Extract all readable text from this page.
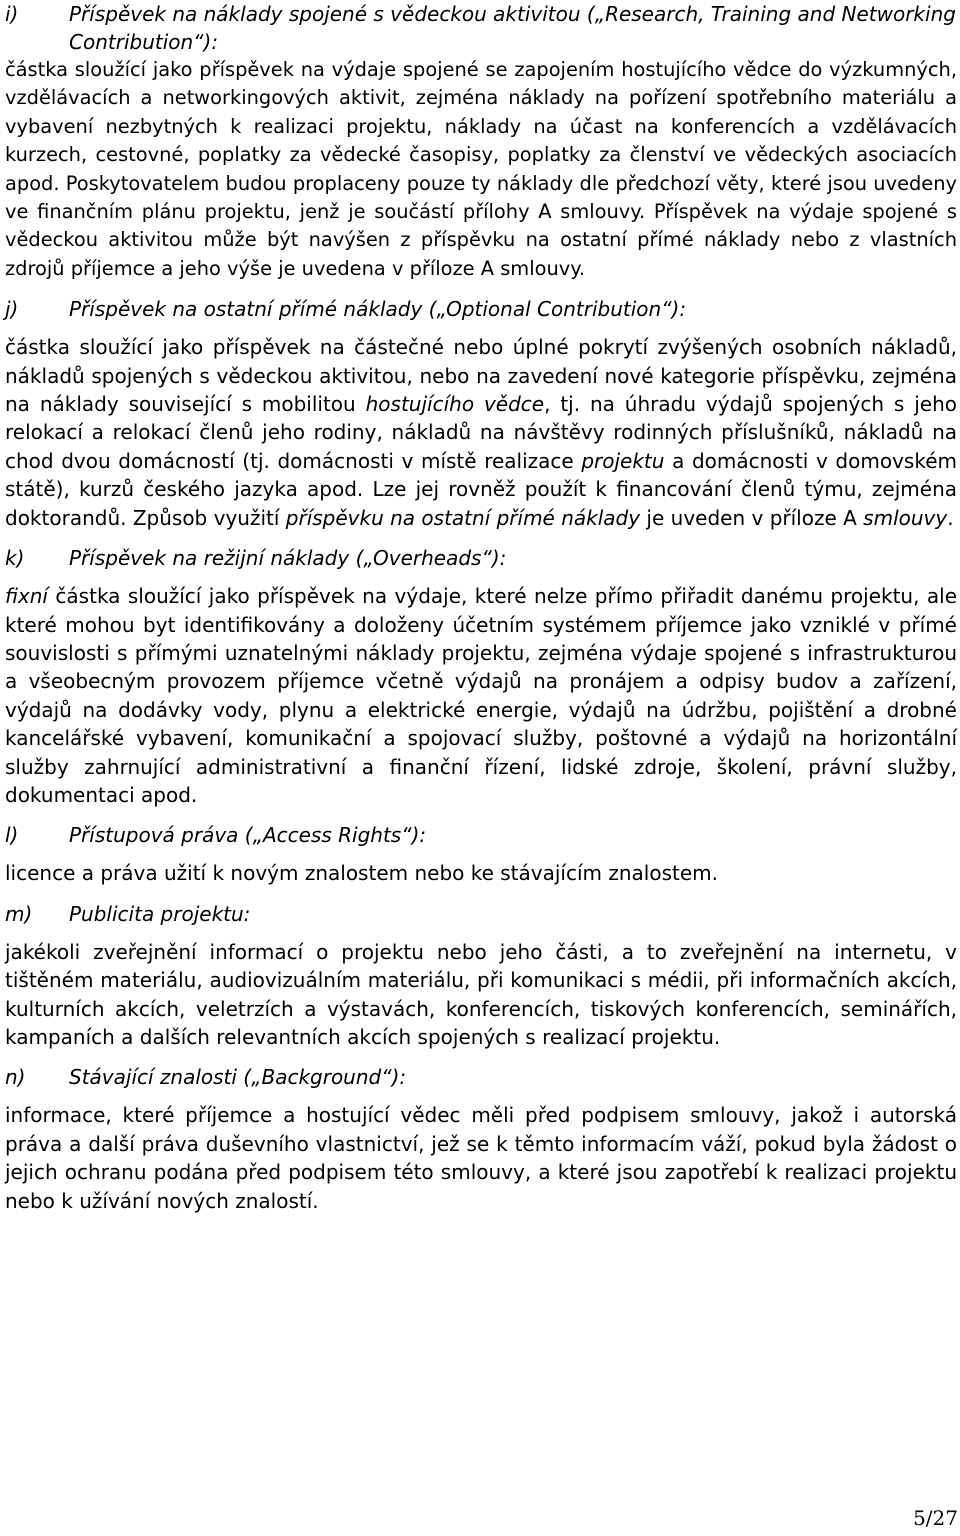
i)	Příspěvek na náklady spojené s vědeckou aktivitou („Research, Training and Networking Contribution“):

částka sloužící jako příspěvek na výdaje spojené se zapojením hostujícího vědce do výzkumných, vzdělávacích a networkingových aktivit, zejména náklady na pořízení spotřebního materiálu a vybavení nezbytných k realizaci projektu, náklady na účast na konferencích a vzdělávacích kurzech, cestovné, poplatky za vědecké časopisy, poplatky za členství ve vědeckých asociacích apod. Poskytovatelem budou proplaceny pouze ty náklady dle předchozí věty, které jsou uvedeny ve finančním plánu projektu, jenž je součástí přílohy A smlouvy. Příspěvek na výdaje spojené s vědeckou aktivitou může být navýšen z příspěvku na ostatní přímé náklady nebo z vlastních zdrojů příjemce a jeho výše je uvedena v příloze A smlouvy.

j)	Příspěvek na ostatní přímé náklady („Optional Contribution“):

částka sloužící jako příspěvek na částečné nebo úplné pokrytí zvýšených osobních nákladů, nákladů spojených s vědeckou aktivitou, nebo na zavedení nové kategorie příspěvku, zejména na náklady související s mobilitou hostujícího vědce, tj. na úhradu výdajů spojených s jeho relokací a relokací členů jeho rodiny, nákladů na návštěvy rodinných příslušníků, nákladů na chod dvou domácností (tj. domácnosti v místě realizace projektu a domácnosti v domovském státě), kurzů českého jazyka apod. Lze jej rovněž použít k financování členů týmu, zejména doktorandů. Způsob využití příspěvku na ostatní přímé náklady je uveden v příloze A smlouvy.

k)	Příspěvek na režijní náklady („Overheads“):

fixní částka sloužící jako příspěvek na výdaje, které nelze přímo přiřadit danému projektu, ale které mohou byt identifikovány a doloženy účetním systémem příjemce jako vzniklé v přímé souvislosti s přímými uznatelnými náklady projektu, zejména výdaje spojené s infrastrukturou a všeobecným provozem příjemce včetně výdajů na pronájem a odpisy budov a zařízení, výdajů na dodávky vody, plynu a elektrické energie, výdajů na údržbu, pojištění a drobné kancelářské vybavení, komunikační a spojovací služby, poštovné a výdajů na horizontální služby zahrnující administrativní a finanční řízení, lidské zdroje, školení, právní služby, dokumentaci apod.

l)	Přístupová práva („Access Rights“):

licence a práva užití k novým znalostem nebo ke stávajícím znalostem.

m)	Publicita projektu:

jakékoli zveřejnění informací o projektu nebo jeho části, a to zveřejnění na internetu, v tištěném materiálu, audiovizuálním materiálu, při komunikaci s médii, při informačních akcích, kulturních akcích, veletrzích a výstavách, konferencích, tiskových konferencích, seminářích, kampaních a dalších relevantních akcích spojených s realizací projektu.

n)	Stávající znalosti („Background“):

informace, které příjemce a hostující vědec měli před podpisem smlouvy, jakož i autorská práva a další práva duševního vlastnictví, jež se k těmto informacím váží, pokud byla žádost o jejich ochranu podána před podpisem této smlouvy, a které jsou zapotřebí k realizaci projektu nebo k užívání nových znalostí.

5/27
